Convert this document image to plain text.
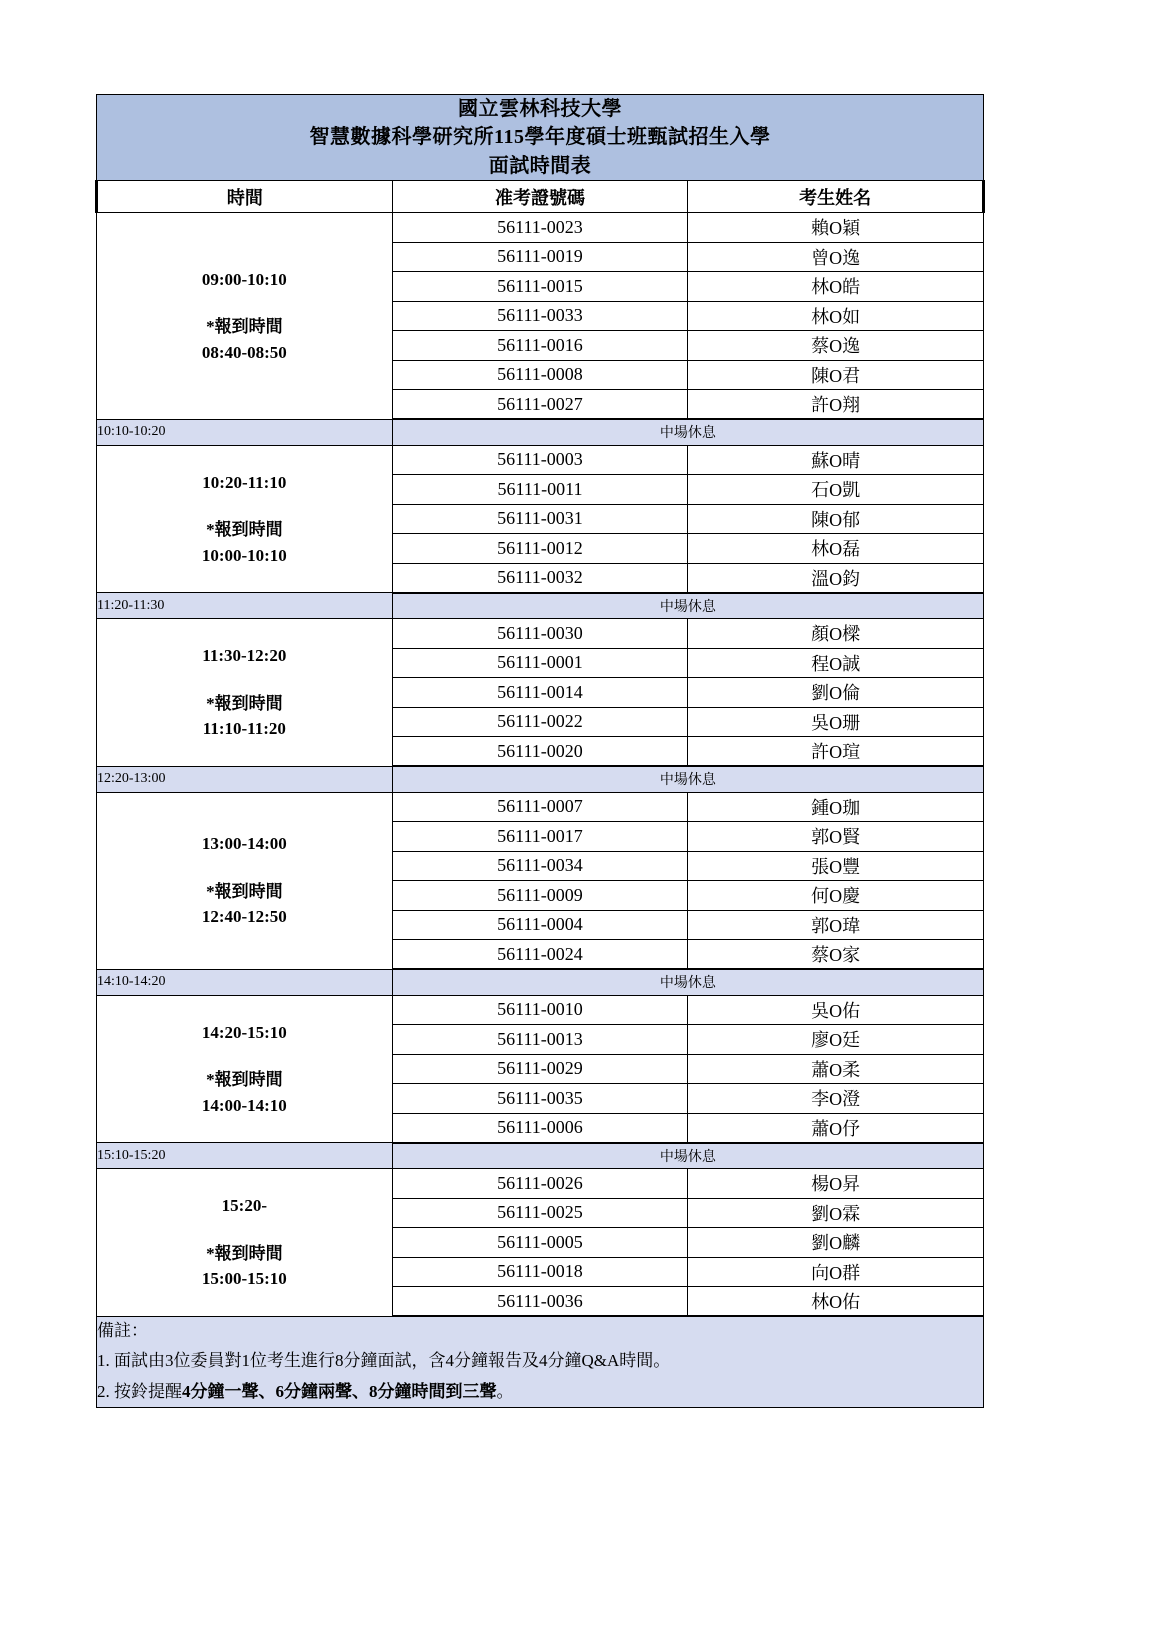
國立雲林科技大學
智慧數據科學研究所115學年度碩士班甄試招生入學
面試時間表		

時間	准考證號碼	考生姓名

09:00-10:10
*報到時間
08:40-08:50	56111-0023	賴O穎
	56111-0019	曾O逸
	56111-0015	林O皓
	56111-0033	林O如
	56111-0016	蔡O逸
	56111-0008	陳O君
	56111-0027	許O翔
10:10-10:20	中場休息	

10:20-11:10
*報到時間
10:00-10:10	56111-0003	蘇O晴
	56111-0011	石O凱
	56111-0031	陳O郁
	56111-0012	林O磊
	56111-0032	溫O鈞
11:20-11:30	中場休息	

11:30-12:20
*報到時間
11:10-11:20	56111-0030	顏O樑
	56111-0001	程O誠
	56111-0014	劉O倫
	56111-0022	吳O珊
	56111-0020	許O瑄
12:20-13:00	中場休息	

13:00-14:00
*報到時間
12:40-12:50	56111-0007	鍾O珈
	56111-0017	郭O賢
	56111-0034	張O豐
	56111-0009	何O慶
	56111-0004	郭O瑋
	56111-0024	蔡O家
14:10-14:20	中場休息	

14:20-15:10
*報到時間
14:00-14:10	56111-0010	吳O佑
	56111-0013	廖O廷
	56111-0029	蕭O柔
	56111-0035	李O澄
	56111-0006	蕭O伃
15:10-15:20	中場休息	

15:20-
*報到時間
15:00-15:10	56111-0026	楊O昇
	56111-0025	劉O霖
	56111-0005	劉O麟
	56111-0018	向O群
	56111-0036	林O佑

備註：
1. 面試由3位委員對1位考生進行8分鐘面試，含4分鐘報告及4分鐘Q&A時間。
2. 按鈴提醒4分鐘一聲、6分鐘兩聲、8分鐘時間到三聲。		
